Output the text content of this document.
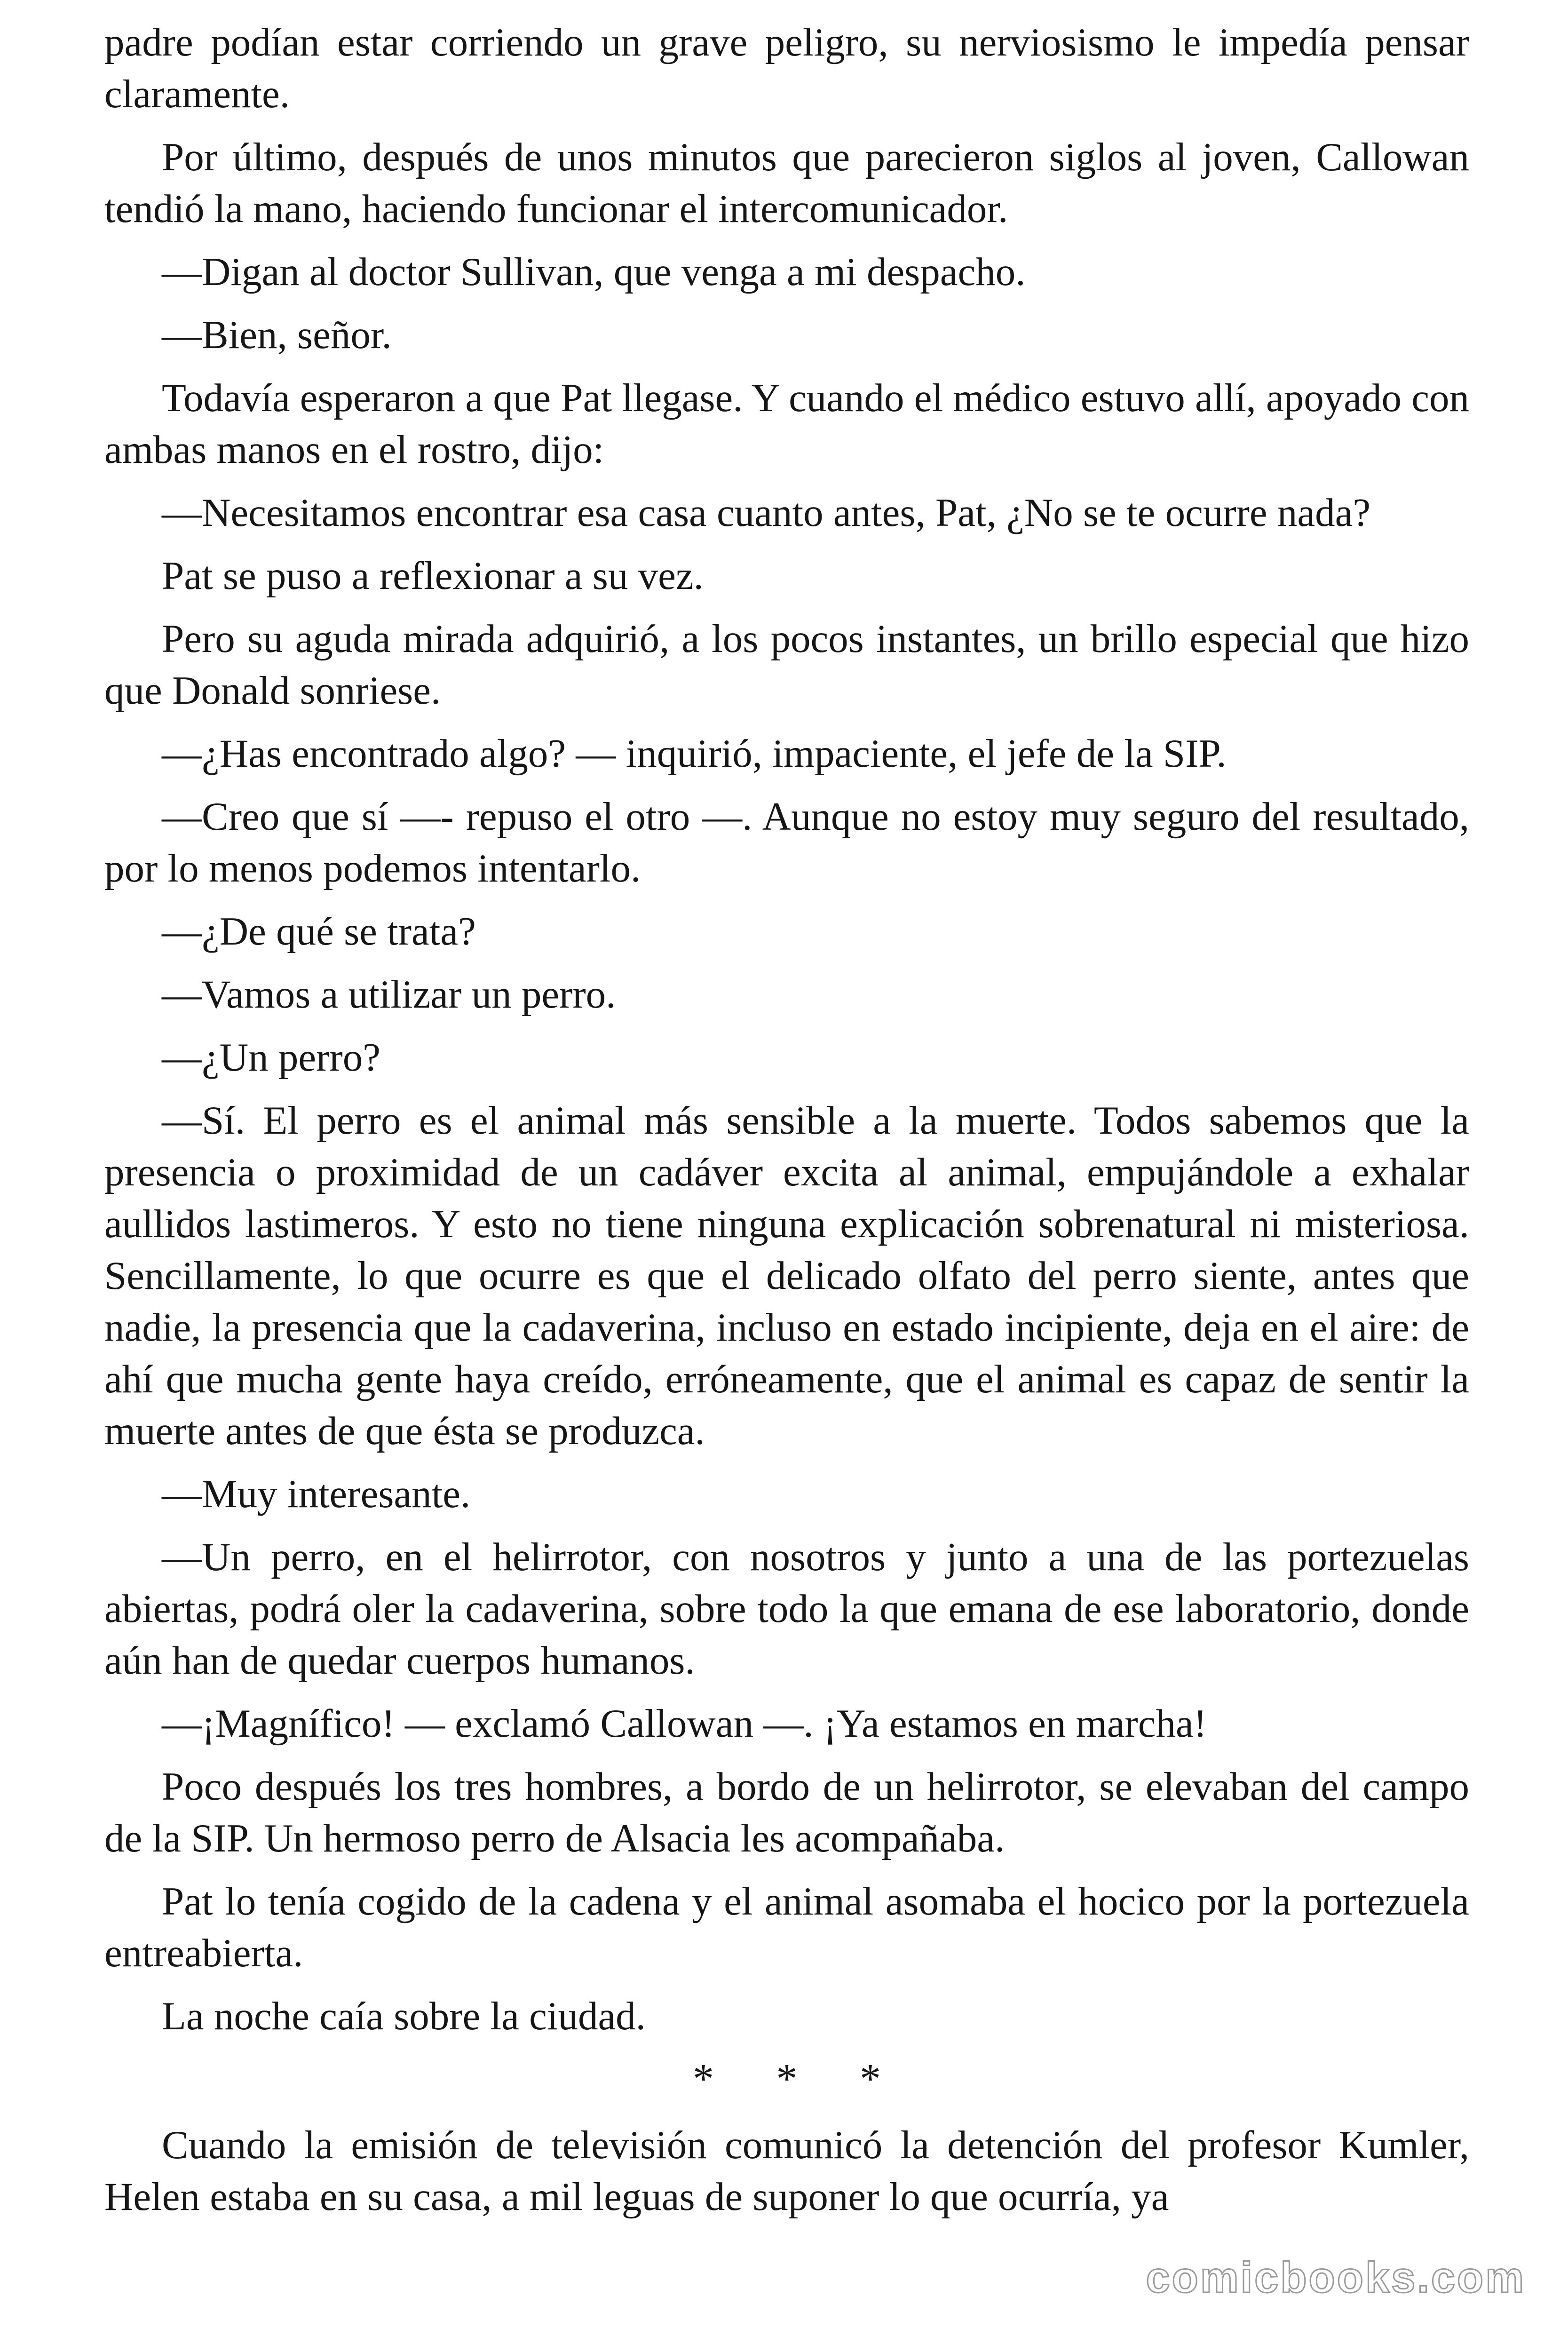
padre podían estar corriendo un grave peligro, su nerviosismo le impedía pensar claramente.

Por último, después de unos minutos que parecieron siglos al joven, Callowan tendió la mano, haciendo funcionar el intercomunicador.

—Digan al doctor Sullivan, que venga a mi despacho.

—Bien, señor.

Todavía esperaron a que Pat llegase. Y cuando el médico estuvo allí, apoyado con ambas manos en el rostro, dijo:

—Necesitamos encontrar esa casa cuanto antes, Pat, ¿No se te ocurre nada?

Pat se puso a reflexionar a su vez.

Pero su aguda mirada adquirió, a los pocos instantes, un brillo especial que hizo que Donald sonriese.

—¿Has encontrado algo? — inquirió, impaciente, el jefe de la SIP.

—Creo que sí —- repuso el otro —. Aunque no estoy muy seguro del resultado, por lo menos podemos intentarlo.

—¿De qué se trata?

—Vamos a utilizar un perro.

—¿Un perro?

—Sí. El perro es el animal más sensible a la muerte. Todos sabemos que la presencia o proximidad de un cadáver excita al animal, empujándole a exhalar aullidos lastimeros. Y esto no tiene ninguna explicación sobrenatural ni misteriosa. Sencillamente, lo que ocurre es que el delicado olfato del perro siente, antes que nadie, la presencia que la cadaverina, incluso en estado incipiente, deja en el aire: de ahí que mucha gente haya creído, erróneamente, que el animal es capaz de sentir la muerte antes de que ésta se produzca.

—Muy interesante.

—Un perro, en el helirrotor, con nosotros y junto a una de las portezuelas abiertas, podrá oler la cadaverina, sobre todo la que emana de ese laboratorio, donde aún han de quedar cuerpos humanos.

—¡Magnífico! — exclamó Callowan —. ¡Ya estamos en marcha!

Poco después los tres hombres, a bordo de un helirrotor, se elevaban del campo de la SIP. Un hermoso perro de Alsacia les acompañaba.

Pat lo tenía cogido de la cadena y el animal asomaba el hocico por la portezuela entreabierta.

La noche caía sobre la ciudad.

* * *

Cuando la emisión de televisión comunicó la detención del profesor Kumler, Helen estaba en su casa, a mil leguas de suponer lo que ocurría, ya

comicbooks.com
